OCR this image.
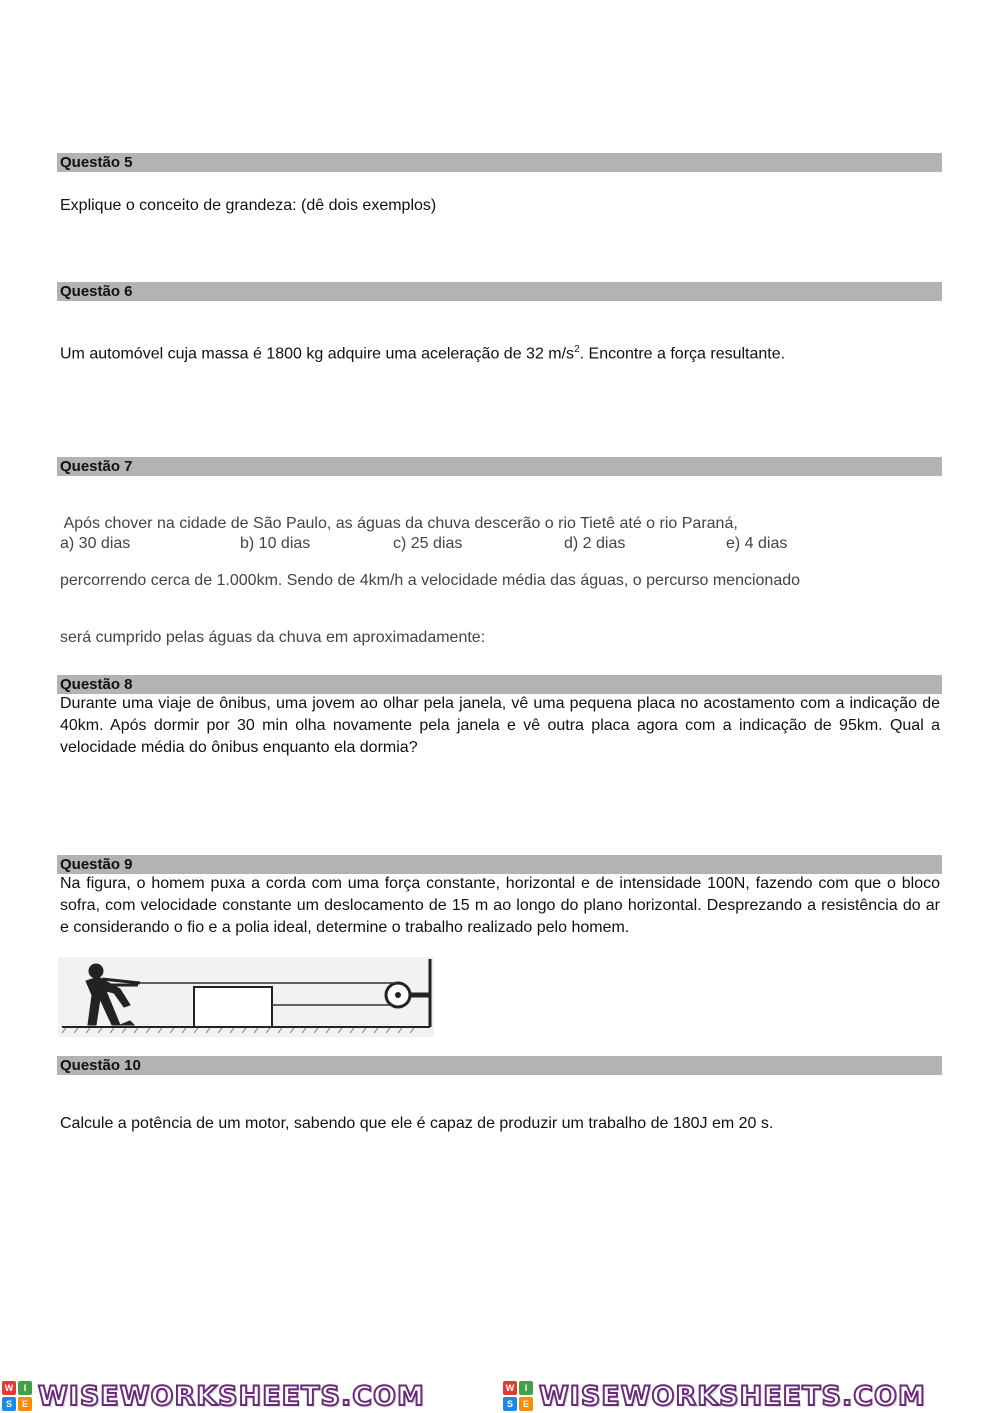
Questão 5
Explique o conceito de grandeza: (dê dois exemplos)
Questão 6
Um automóvel cuja massa é 1800 kg adquire uma aceleração de 32 $m/s^2$. Encontre a força resultante.
Questão 7

Após chover na cidade de São Paulo, as águas da chuva descerão o rio Tietê até o rio Paraná,

percorrendo cerca de 1.000km. Sendo de 4km/h a velocidade média das águas, o percurso mencionado

será cumprido pelas águas da chuva em aproximadamente:

a) 30 dias	b) 10 dias	c) 25 dias	d) 2 dias	e) 4 dias
Questão 8
Durante uma viaje de ônibus, uma jovem ao olhar pela janela, vê uma pequena placa no acostamento com a indicação de 40km. Após dormir por 30 min olha novamente pela janela e vê outra placa agora com a indicação de 95km. Qual a velocidade média do ônibus enquanto ela dormia?
Questão 9
Na figura, o homem puxa a corda com uma força constante, horizontal e de intensidade 100N, fazendo com que o bloco sofra, com velocidade constante um deslocamento de 15 m ao longo do plano horizontal. Desprezando a resistência do ar e considerando o fio e a polia ideal, determine o trabalho realizado pelo homem.
Questão 10
Calcule a potência de um motor, sabendo que ele é capaz de produzir um trabalho de 180J em 20 s.
W	I
S	E WISEWORKSHEETS.COM	W	I
S	E WISEWORKSHEETS.COM
